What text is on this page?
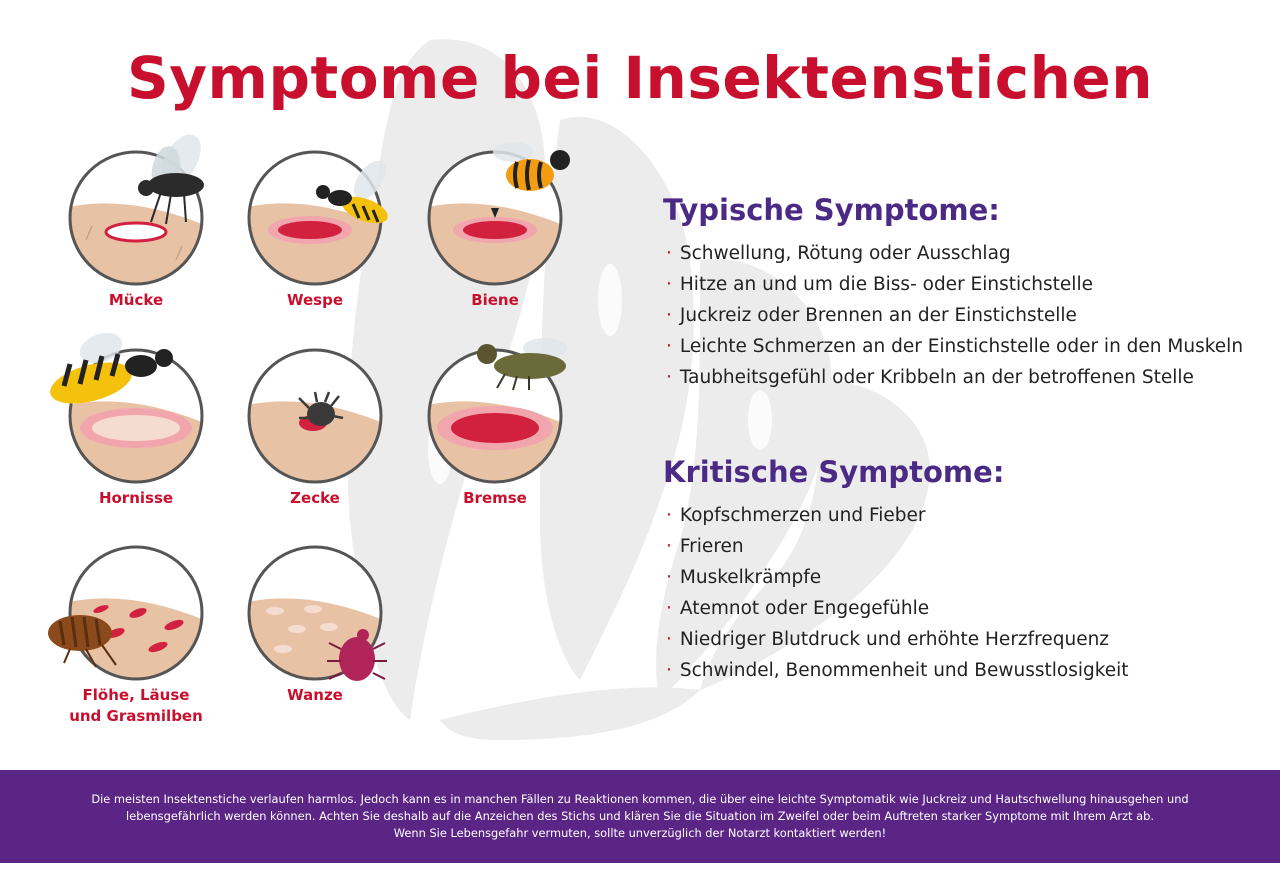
Symptome bei Insektenstichen
Mücke	Wespe	Biene
Hornisse	Zecke	Bremse
Flöhe, Läuse
und Grasmilben
Wanze
Typische Symptome:
· Schwellung, Rötung oder Ausschlag
· Hitze an und um die Biss- oder Einstichstelle
· Juckreiz oder Brennen an der Einstichstelle
· Leichte Schmerzen an der Einstichstelle oder in den Muskeln
· Taubheitsgefühl oder Kribbeln an der betroffenen Stelle
Kritische Symptome:
· Kopfschmerzen und Fieber
· Frieren
· Muskelkrämpfe
· Atemnot oder Engegefühle
· Niedriger Blutdruck und erhöhte Herzfrequenz
· Schwindel, Benommenheit und Bewusstlosigkeit

Die meisten Insektenstiche verlaufen harmlos. Jedoch kann es in manchen Fällen zu Reaktionen kommen, die über eine leichte Symptomatik wie Juckreiz und Hautschwellung hinausgehen und

lebensgefährlich werden können. Achten Sie deshalb auf die Anzeichen des Stichs und klären Sie die Situation im Zweifel oder beim Auftreten starker Symptome mit Ihrem Arzt ab.

Wenn Sie Lebensgefahr vermuten, sollte unverzüglich der Notarzt kontaktiert werden!
